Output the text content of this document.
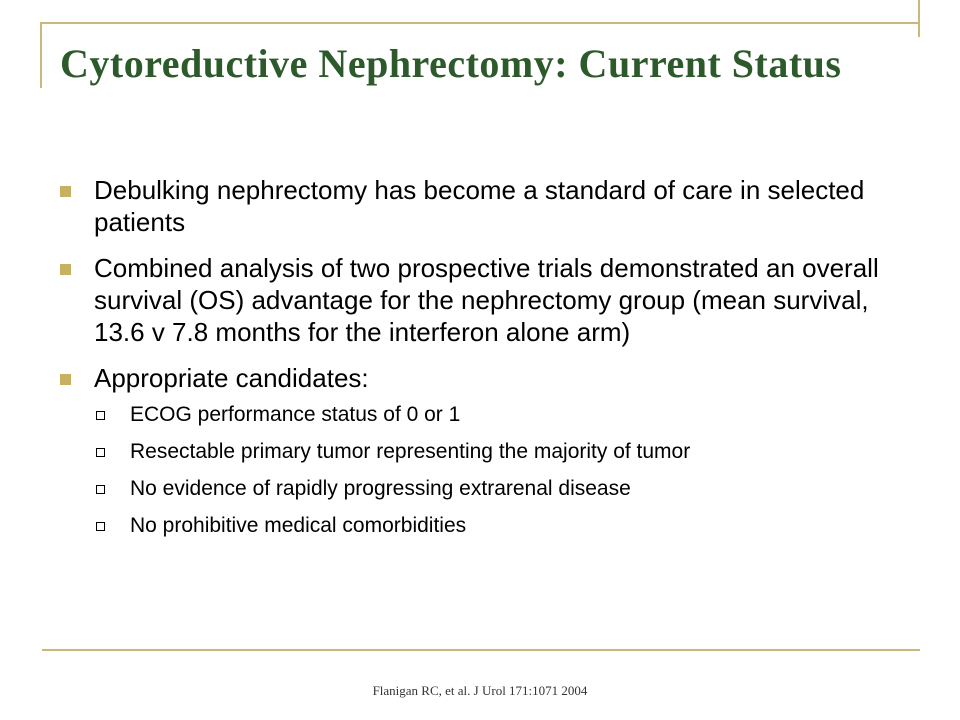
Cytoreductive Nephrectomy: Current Status
Debulking nephrectomy has become a standard of care in selected patients
Combined analysis of two prospective trials demonstrated an overall survival (OS) advantage for the nephrectomy group (mean survival, 13.6 v 7.8 months for the interferon alone arm)
Appropriate candidates:
ECOG performance status of 0 or 1
Resectable primary tumor representing the majority of tumor
No evidence of rapidly progressing extrarenal disease
No prohibitive medical comorbidities
Flanigan RC, et al. J Urol 171:1071 2004
